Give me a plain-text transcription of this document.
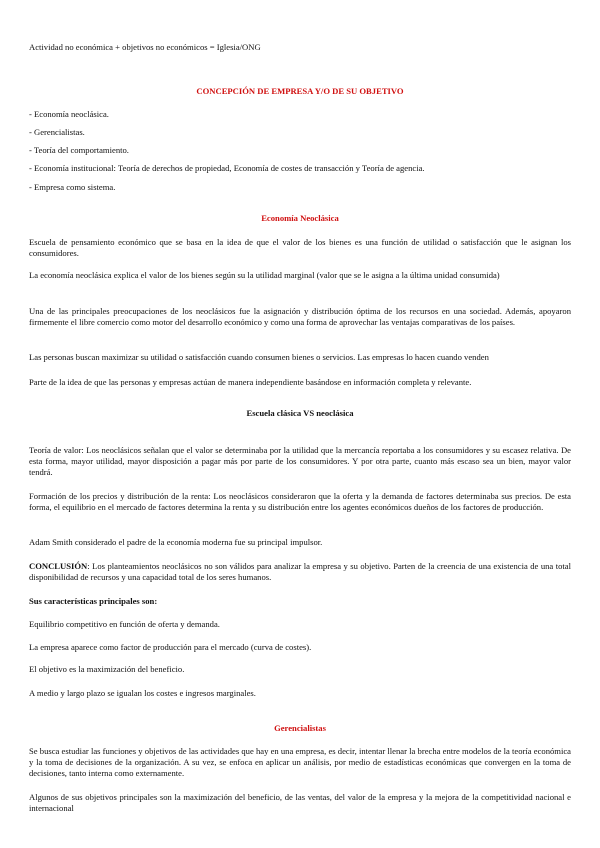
Actividad no económica + objetivos no económicos = Iglesia/ONG

CONCEPCIÓN DE EMPRESA Y/O DE SU OBJETIVO

- Economía neoclásica.

- Gerencialistas.

- Teoría del comportamiento.

- Economía institucional: Teoría de derechos de propiedad, Economía de costes de transacción y Teoría de agencia.

- Empresa como sistema.

Economía Neoclásica

Escuela de pensamiento económico que se basa en la idea de que el valor de los bienes es una función de utilidad o satisfacción que le asignan los consumidores.

La economía neoclásica explica el valor de los bienes según su la utilidad marginal (valor que se le asigna a la última unidad consumida)

Una de las principales preocupaciones de los neoclásicos fue la asignación y distribución óptima de los recursos en una sociedad. Además, apoyaron firmemente el libre comercio como motor del desarrollo económico y como una forma de aprovechar las ventajas comparativas de los países.

Las personas buscan maximizar su utilidad o satisfacción cuando consumen bienes o servicios. Las empresas lo hacen cuando venden

Parte de la idea de que las personas y empresas actúan de manera independiente basándose en información completa y relevante.

Escuela clásica VS neoclásica

Teoría de valor: Los neoclásicos señalan que el valor se determinaba por la utilidad que la mercancía reportaba a los consumidores y su escasez relativa. De esta forma, mayor utilidad, mayor disposición a pagar más por parte de los consumidores. Y por otra parte, cuanto más escaso sea un bien, mayor valor tendrá.

Formación de los precios y distribución de la renta: Los neoclásicos consideraron que la oferta y la demanda de factores determinaba sus precios. De esta forma, el equilibrio en el mercado de factores determina la renta y su distribución entre los agentes económicos dueños de los factores de producción.

Adam Smith considerado el padre de la economía moderna fue su principal impulsor.

CONCLUSIÓN: Los planteamientos neoclásicos no son válidos para analizar la empresa y su objetivo. Parten de la creencia de una existencia de una total disponibilidad de recursos y una capacidad total de los seres humanos.

Sus características principales son:

Equilibrio competitivo en función de oferta y demanda.

La empresa aparece como factor de producción para el mercado (curva de costes).

El objetivo es la maximización del beneficio.

A medio y largo plazo se igualan los costes e ingresos marginales.

Gerencialistas

Se busca estudiar las funciones y objetivos de las actividades que hay en una empresa, es decir, intentar llenar la brecha entre modelos de la teoría económica y la toma de decisiones de la organización. A su vez, se enfoca en aplicar un análisis, por medio de estadísticas económicas que convergen en la toma de decisiones, tanto interna como externamente.

Algunos de sus objetivos principales son la maximización del beneficio, de las ventas, del valor de la empresa y la mejora de la competitividad nacional e internacional
